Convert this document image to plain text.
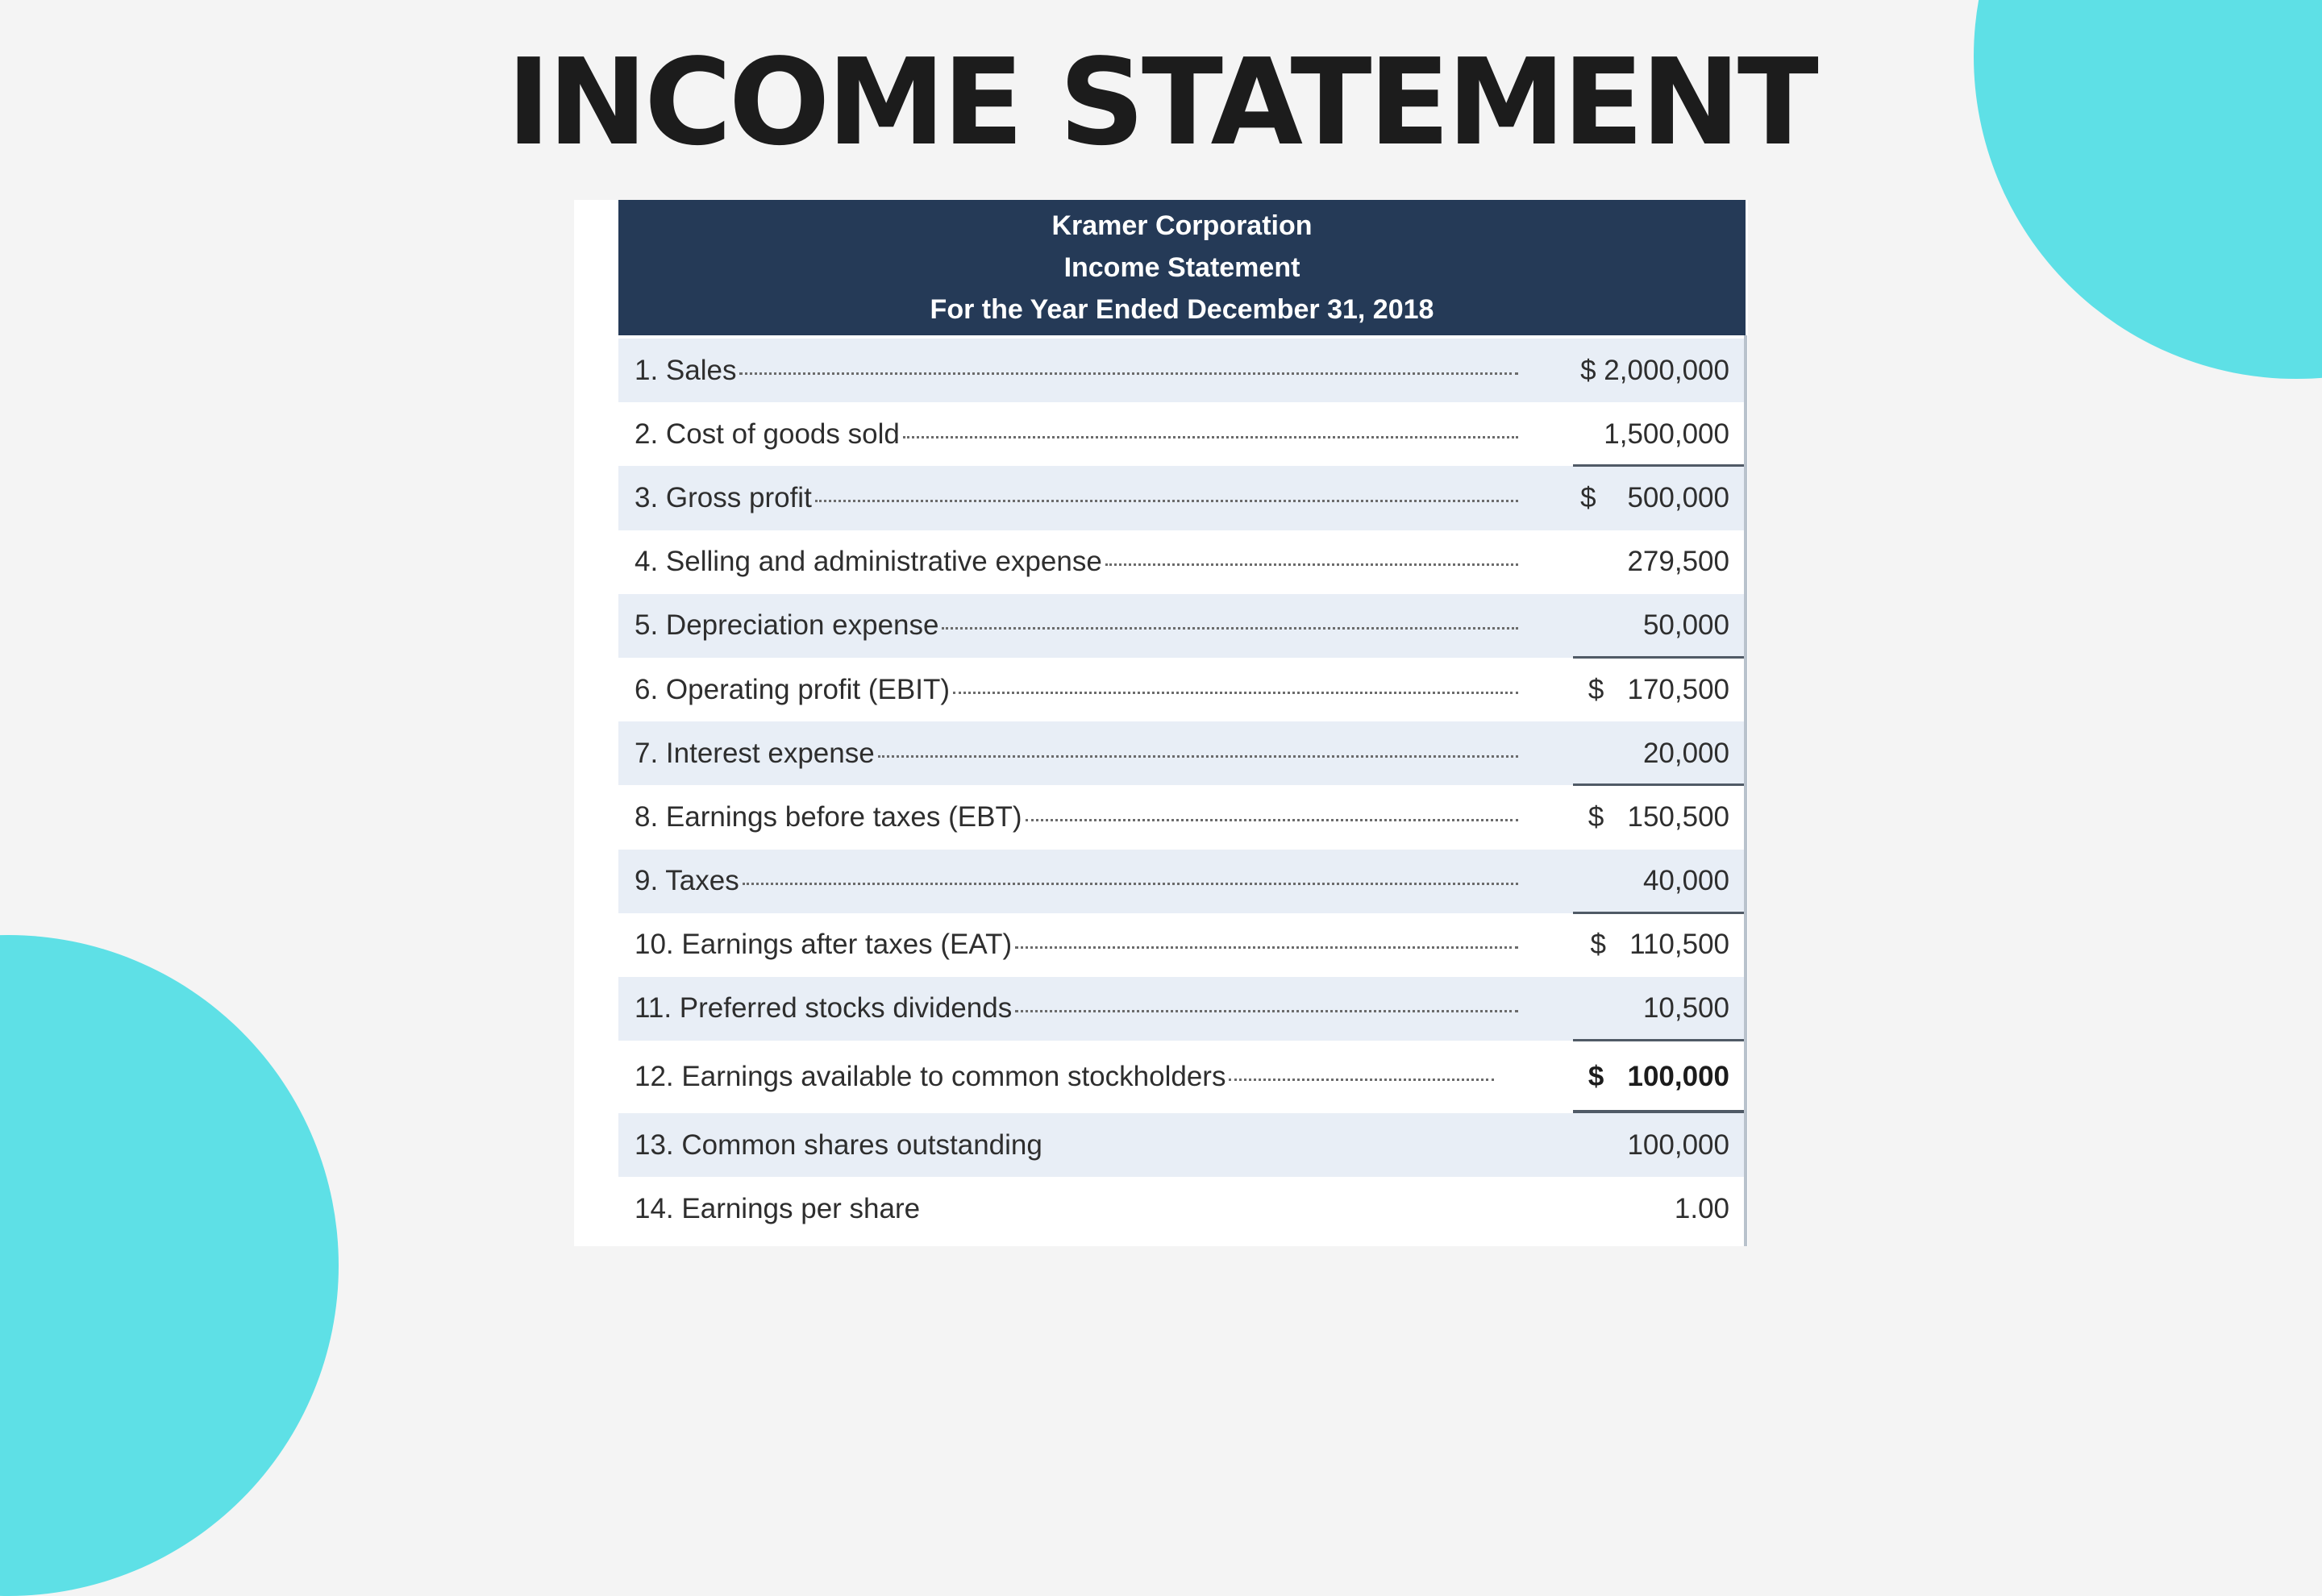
INCOME STATEMENT
Kramer Corporation
Income Statement
For the Year Ended December 31, 2018
1. Sales	$ 2,000,000
2. Cost of goods sold	1,500,000
3. Gross profit	$    500,000
4. Selling and administrative expense	279,500
5. Depreciation expense	50,000
6. Operating profit (EBIT)	$   170,500
7. Interest expense	20,000
8. Earnings before taxes (EBT)	$   150,500
9. Taxes	40,000
10. Earnings after taxes (EAT)	$   110,500
11. Preferred stocks dividends	10,500
12. Earnings available to common stockholders	$   100,000
13. Common shares outstanding	100,000
14. Earnings per share	1.00
